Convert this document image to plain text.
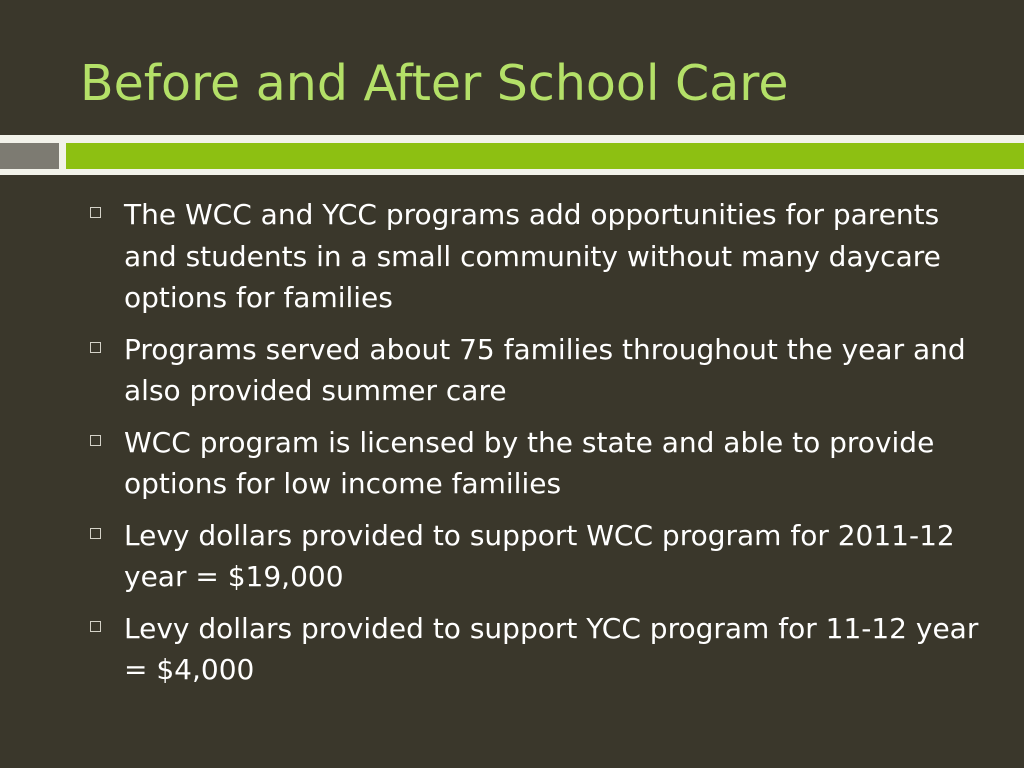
Before and After School Care
The WCC and YCC programs add opportunities for parents and students in a small community without many daycare options for families
Programs served about 75 families throughout the year and also provided summer care
WCC program is licensed by the state and able to provide options for low income families
Levy dollars provided to support WCC program for 2011-12 year = $19,000
Levy dollars provided to support YCC program for 11-12 year = $4,000
